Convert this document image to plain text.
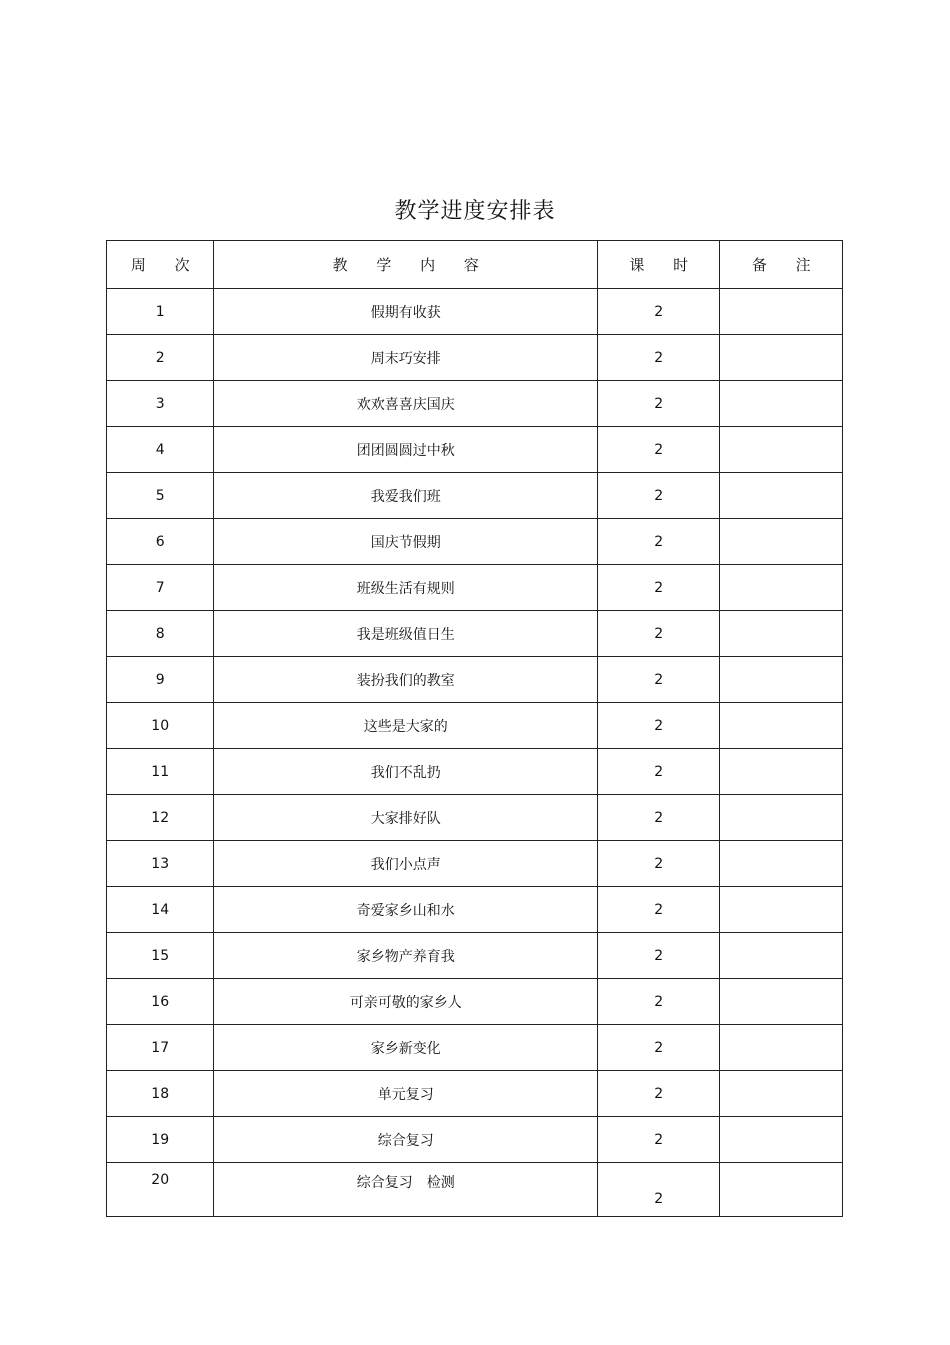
教学进度安排表
周 次	教 学 内 容	课 时	备 注
1	假期有收获	2	
2	周末巧安排	2	
3	欢欢喜喜庆国庆	2	
4	团团圆圆过中秋	2	
5	我爱我们班	2	
6	国庆节假期	2	
7	班级生活有规则	2	
8	我是班级值日生	2	
9	装扮我们的教室	2	
10	这些是大家的	2	
11	我们不乱扔	2	
12	大家排好队	2	
13	我们小点声	2	
14	奇爱家乡山和水	2	
15	家乡物产养育我	2	
16	可亲可敬的家乡人	2	
17	家乡新变化	2	
18	单元复习	2	
19	综合复习	2	
20	综合复习　检测	2	
